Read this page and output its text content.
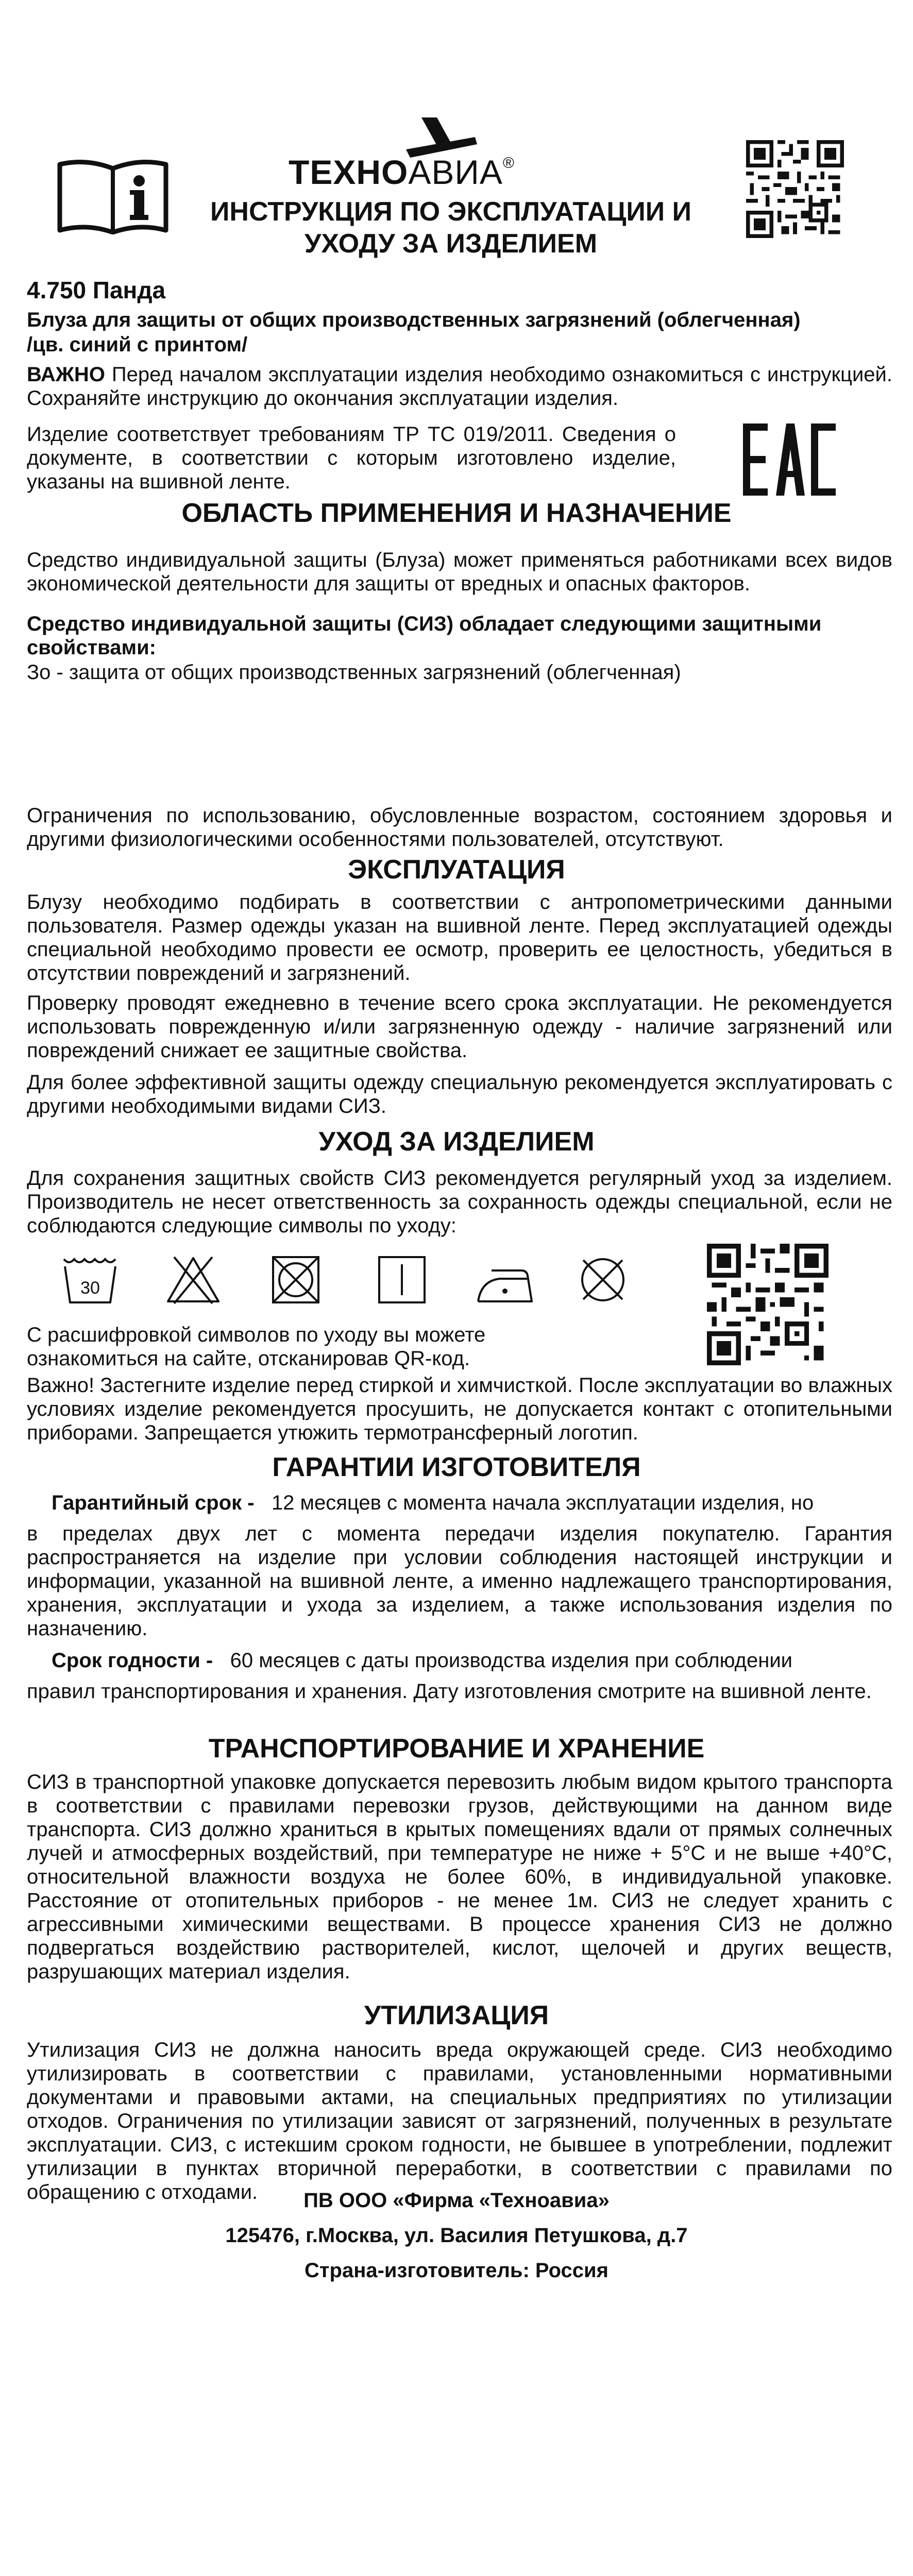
ТЕХНОАВИА®
ИНСТРУКЦИЯ ПО ЭКСПЛУАТАЦИИ И
УХОДУ ЗА ИЗДЕЛИЕМ
4.750 Панда
Блуза для защиты от общих производственных загрязнений (облегченная)
/цв. синий с принтом/
ВАЖНО Перед началом эксплуатации изделия необходимо ознакомиться с инструкцией. Сохраняйте инструкцию до окончания эксплуатации изделия.
Изделие соответствует требованиям ТР ТС 019/2011. Сведения о документе, в соответствии с которым изготовлено изделие, указаны на вшивной ленте.
ОБЛАСТЬ ПРИМЕНЕНИЯ И НАЗНАЧЕНИЕ
Средство индивидуальной защиты (Блуза) может применяться работниками всех видов экономической деятельности для защиты от вредных и опасных факторов.
Средство индивидуальной защиты (СИЗ) обладает следующими защитными свойствами:
Зо - защита от общих производственных загрязнений (облегченная)
Ограничения по использованию, обусловленные возрастом, состоянием здоровья и другими физиологическими особенностями пользователей, отсутствуют.
ЭКСПЛУАТАЦИЯ
Блузу необходимо подбирать в соответствии с антропометрическими данными пользователя. Размер одежды указан на вшивной ленте. Перед эксплуатацией одежды специальной необходимо провести ее осмотр, проверить ее целостность, убедиться в отсутствии повреждений и загрязнений.
Проверку проводят ежедневно в течение всего срока эксплуатации. Не рекомендуется использовать поврежденную и/или загрязненную одежду - наличие загрязнений или повреждений снижает ее защитные свойства.
Для более эффективной защиты одежду специальную рекомендуется эксплуатировать с другими необходимыми видами СИЗ.
УХОД ЗА ИЗДЕЛИЕМ
Для сохранения защитных свойств СИЗ рекомендуется регулярный уход за изделием. Производитель не несет ответственность за сохранность одежды специальной, если не соблюдаются следующие символы по уходу:
30
С расшифровкой символов по уходу вы можете ознакомиться на сайте, отсканировав QR-код.
Важно! Застегните изделие перед стиркой и химчисткой. После эксплуатации во влажных условиях изделие рекомендуется просушить, не допускается контакт с отопительными приборами. Запрещается утюжить термотрансферный логотип.
ГАРАНТИИ ИЗГОТОВИТЕЛЯ
Гарантийный срок - 12 месяцев с момента начала эксплуатации изделия, но
в пределах двух лет с момента передачи изделия покупателю. Гарантия распространяется на изделие при условии соблюдения настоящей инструкции и информации, указанной на вшивной ленте, а именно надлежащего транспортирования, хранения, эксплуатации и ухода за изделием, а также использования изделия по назначению.
Срок годности - 60 месяцев с даты производства изделия при соблюдении
правил транспортирования и хранения. Дату изготовления смотрите на вшивной ленте.
ТРАНСПОРТИРОВАНИЕ И ХРАНЕНИЕ
СИЗ в транспортной упаковке допускается перевозить любым видом крытого транспорта в соответствии с правилами перевозки грузов, действующими на данном виде транспорта. СИЗ должно храниться в крытых помещениях вдали от прямых солнечных лучей и атмосферных воздействий, при температуре не ниже + 5°С и не выше +40°С, относительной влажности воздуха не более 60%, в индивидуальной упаковке. Расстояние от отопительных приборов - не менее 1м. СИЗ не следует хранить с агрессивными химическими веществами. В процессе хранения СИЗ не должно подвергаться воздействию растворителей, кислот, щелочей и других веществ, разрушающих материал изделия.
УТИЛИЗАЦИЯ
Утилизация СИЗ не должна наносить вреда окружающей среде. СИЗ необходимо утилизировать в соответствии с правилами, установленными нормативными документами и правовыми актами, на специальных предприятиях по утилизации отходов. Ограничения по утилизации зависят от загрязнений, полученных в результате эксплуатации. СИЗ, с истекшим сроком годности, не бывшее в употреблении, подлежит утилизации в пунктах вторичной переработки, в соответствии с правилами по обращению с отходами.	ПВ ООО «Фирма «Техноавиа»
125476, г.Москва, ул. Василия Петушкова, д.7
Страна-изготовитель: Россия
